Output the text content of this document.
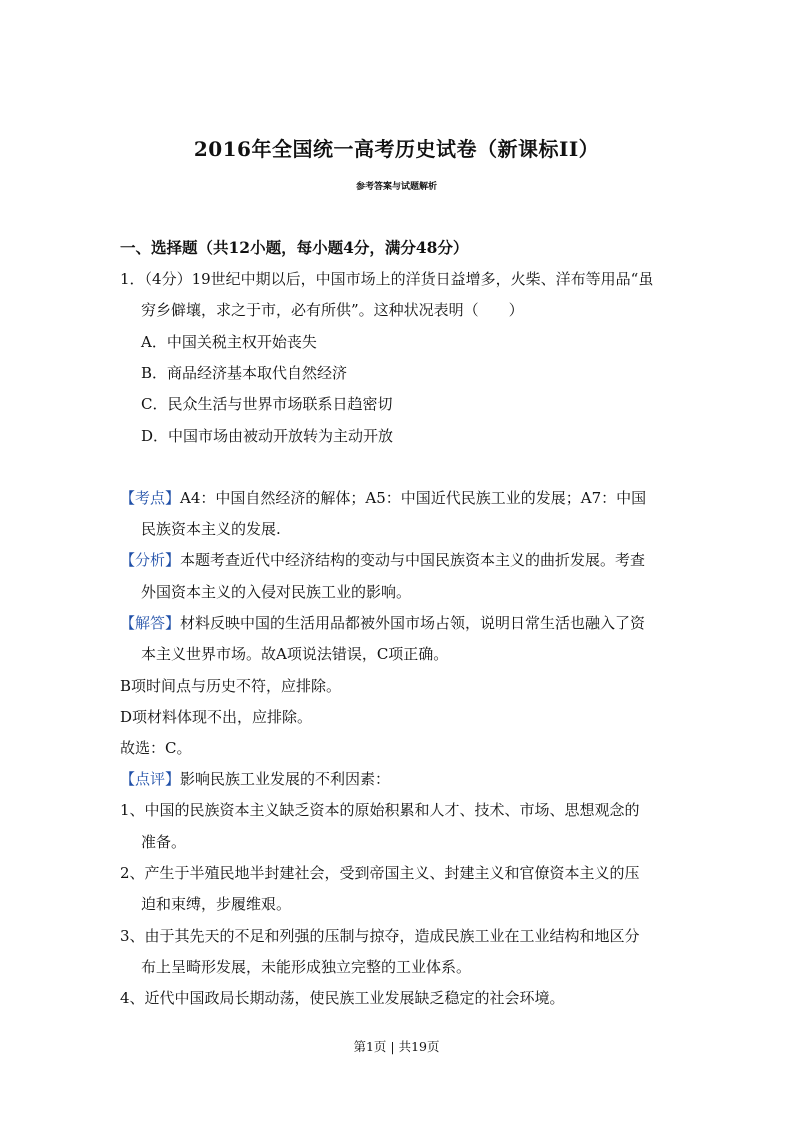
2016年全国统一高考历史试卷（新课标II）
参考答案与试题解析
一、选择题（共12小题，每小题4分，满分48分）
1．（4分）19世纪中期以后，中国市场上的洋货日益增多，火柴、洋布等用品“虽
穷乡僻壤，求之于市，必有所供”。这种状况表明（　　）
A．中国关税主权开始丧失
B．商品经济基本取代自然经济
C．民众生活与世界市场联系日趋密切
D．中国市场由被动开放转为主动开放
【考点】A4：中国自然经济的解体；A5：中国近代民族工业的发展；A7：中国
民族资本主义的发展.
【分析】本题考查近代中经济结构的变动与中国民族资本主义的曲折发展。考查
外国资本主义的入侵对民族工业的影响。
【解答】材料反映中国的生活用品都被外国市场占领，说明日常生活也融入了资
本主义世界市场。故A项说法错误，C项正确。
B项时间点与历史不符，应排除。
D项材料体现不出，应排除。
故选：C。
【点评】影响民族工业发展的不利因素：
1、中国的民族资本主义缺乏资本的原始积累和人才、技术、市场、思想观念的
准备。
2、产生于半殖民地半封建社会，受到帝国主义、封建主义和官僚资本主义的压
迫和束缚，步履维艰。
3、由于其先天的不足和列强的压制与掠夺，造成民族工业在工业结构和地区分
布上呈畸形发展，未能形成独立完整的工业体系。
4、近代中国政局长期动荡，使民族工业发展缺乏稳定的社会环境。
第1页 | 共19页
